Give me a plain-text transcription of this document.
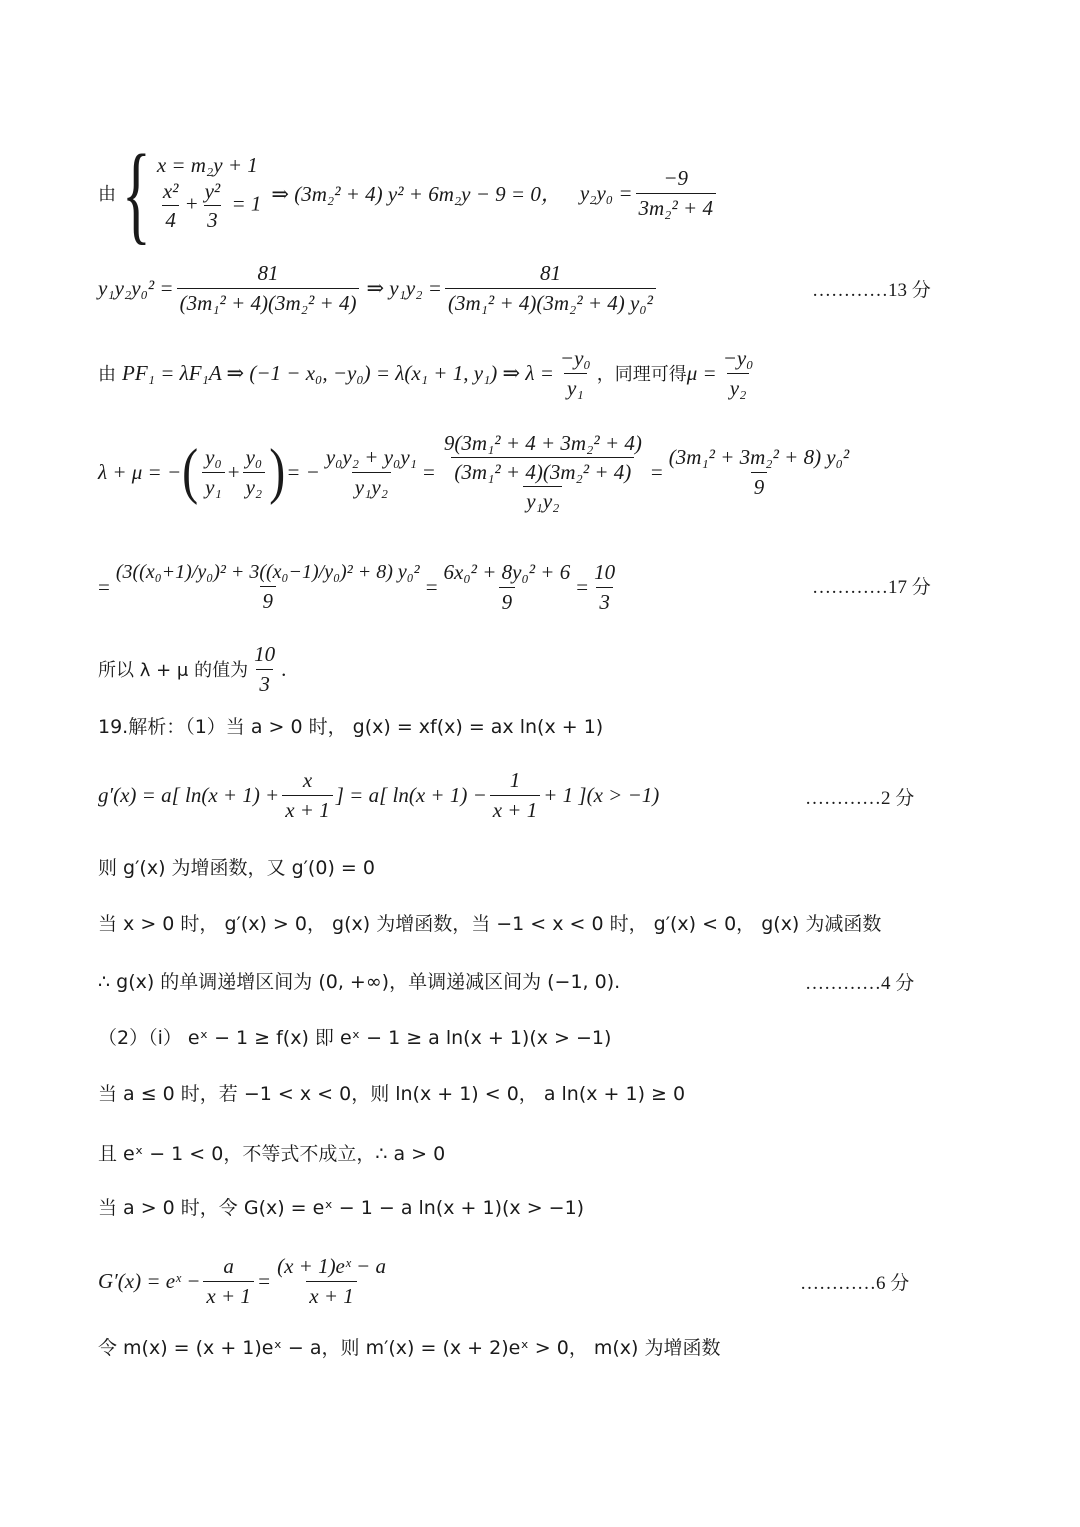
由 { x = m₂y + 1
$\frac{\text{x²}}{4} + \frac{\text{y²}}{3} = 1$ ⇒ (3m₂² + 4) y² + 6m₂y − 9 = 0， $y_2y_0 = \frac{-9}{\text{3m₂² + 4}}$
$y_1y_2y_0^2 = \frac{81}{\text{(3m₁² + 4)(3m₂² + 4)}}$ ⇒ $y_1y_2 = \frac{81}{\text{(3m₁² + 4)(3m₂² + 4) y₀²}}$	…………13 分
由 PF₁ = λF₁A ⇒ (−1 − x₀, −y₀) = λ(x₁ + 1, y₁) ⇒ $\lambda = \frac{\text{−y₀}}{\text{y₁}}$ ，同理可得 $\mu = \frac{\text{−y₀}}{\text{y₂}}$
λ + μ = − ( $\frac{\text{y₀}}{\text{y₁}} + \frac{\text{y₀}}{\text{y₂}}$ ) = − $\frac{\text{y₀y₂ + y₀y₁}}{\text{y₁y₂}} = \frac{\frac{\text{9(3m₁² + 4 + 3m₂² + 4)}}{\text{(3m₁² + 4)(3m₂² + 4)}}}{\text{y₁y₂}} = \frac{\text{(3m₁² + 3m₂² + 8) y₀²}}{9}$
= $\frac{\text{(3((x₀+1)/y₀)² + 3((x₀−1)/y₀)² + 8) y₀²}}{9} = \frac{\text{6x₀² + 8y₀² + 6}}{9} = \frac{10}{3}$	…………17 分
所以 λ + μ 的值为 $\frac{10}{3}$ .
19.解析：（1）当 a > 0 时， g(x) = xf(x) = ax ln(x + 1)
g′(x) = a[ $\ln(x + 1) + \frac{x}{x + 1}$ ] = a[ $\ln(x + 1) - \frac{1}{x + 1} + 1$ ](x > −1)	…………2 分
则 g′(x) 为增函数，又 g′(0) = 0
当 x > 0 时， g′(x) > 0， g(x) 为增函数，当 −1 < x < 0 时， g′(x) < 0， g(x) 为减函数
∴ g(x) 的单调递增区间为 (0, +∞)，单调递减区间为 (−1, 0).	…………4 分
（2）（i） eˣ − 1 ≥ f(x) 即 eˣ − 1 ≥ a ln(x + 1)(x > −1)
当 a ≤ 0 时，若 −1 < x < 0，则 ln(x + 1) < 0， a ln(x + 1) ≥ 0
且 eˣ − 1 < 0，不等式不成立，∴ a > 0
当 a > 0 时，令 G(x) = eˣ − 1 − a ln(x + 1)(x > −1)
G′(x) = eˣ − $\frac{a}{x + 1} = \frac{\text{(x + 1)eˣ − a}}{x + 1}$	…………6 分
令 m(x) = (x + 1)eˣ − a，则 m′(x) = (x + 2)eˣ > 0， m(x) 为增函数
